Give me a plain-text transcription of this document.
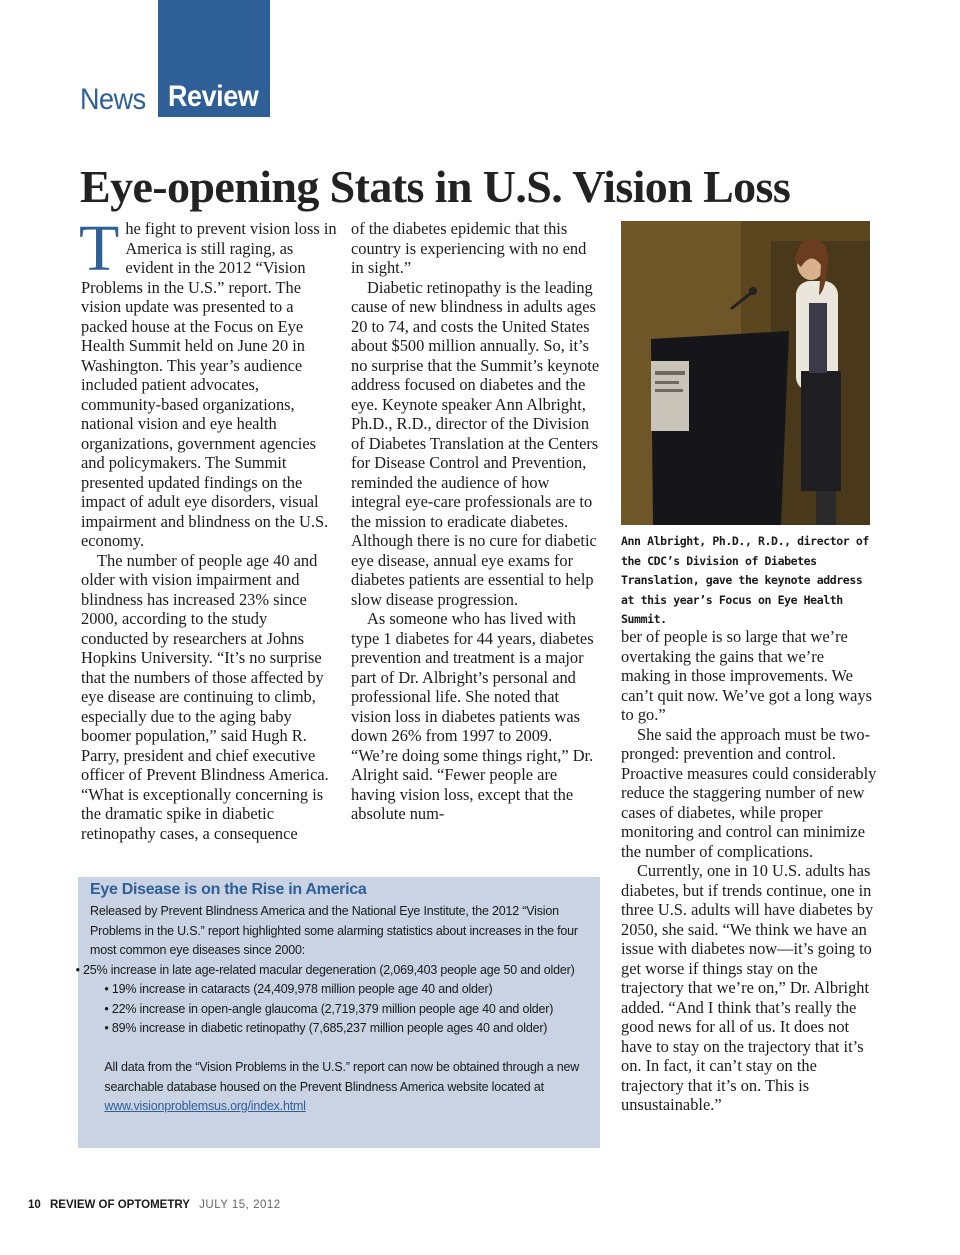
News Review
Eye-opening Stats in U.S. Vision Loss

The fight to prevent vision loss in America is still raging, as evident in the 2012 “Vision Problems in the U.S.” report. The vision update was presented to a packed house at the Focus on Eye Health Summit held on June 20 in Washington. This year’s audience included patient advocates, community-based organizations, national vision and eye health organizations, government agencies and policymakers. The Summit presented updated findings on the impact of adult eye disorders, visual impairment and blindness on the U.S. economy.

The number of people age 40 and older with vision impairment and blindness has increased 23% since 2000, according to the study conducted by researchers at Johns Hopkins University. “It’s no surprise that the numbers of those affected by eye disease are continuing to climb, especially due to the aging baby boomer population,” said Hugh R. Parry, president and chief executive officer of Prevent Blindness America. “What is exceptionally concerning is the dramatic spike in diabetic retinopathy cases, a consequence

of the diabetes epidemic that this country is experiencing with no end in sight.”

Diabetic retinopathy is the leading cause of new blindness in adults ages 20 to 74, and costs the United States about $500 million annually. So, it’s no surprise that the Summit’s keynote address focused on diabetes and the eye. Keynote speaker Ann Albright, Ph.D., R.D., director of the Division of Diabetes Translation at the Centers for Disease Control and Prevention, reminded the audience of how integral eye-care professionals are to the mission to eradicate diabetes. Although there is no cure for diabetic eye disease, annual eye exams for diabetes patients are essential to help slow disease progression.

As someone who has lived with type 1 diabetes for 44 years, diabetes prevention and treatment is a major part of Dr. Albright’s personal and professional life. She noted that vision loss in diabetes patients was down 26% from 1997 to 2009. “We’re doing some things right,” Dr. Alright said. “Fewer people are having vision loss, except that the absolute num-

Ann Albright, Ph.D., R.D., director of the CDC’s Division of Diabetes Translation, gave the keynote address at this year’s Focus on Eye Health Summit.

ber of people is so large that we’re overtaking the gains that we’re making in those improvements. We can’t quit now. We’ve got a long ways to go.”

She said the approach must be two-pronged: prevention and control. Proactive measures could considerably reduce the staggering number of new cases of diabetes, while proper monitoring and control can minimize the number of complications.

Currently, one in 10 U.S. adults has diabetes, but if trends continue, one in three U.S. adults will have diabetes by 2050, she said. “We think we have an issue with diabetes now—it’s going to get worse if things stay on the trajectory that we’re on,” Dr. Albright added. “And I think that’s really the good news for all of us. It does not have to stay on the trajectory that it’s on. In fact, it can’t stay on the trajectory that it’s on. This is unsustainable.”

Eye Disease is on the Rise in America
Released by Prevent Blindness America and the National Eye Institute, the 2012 “Vision Problems in the U.S.” report highlighted some alarming statistics about increases in the four most common eye diseases since 2000:
• 25% increase in late age-related macular degeneration (2,069,403 people age 50 and older)
• 19% increase in cataracts (24,409,978 million people age 40 and older)
• 22% increase in open-angle glaucoma (2,719,379 million people age 40 and older)
• 89% increase in diabetic retinopathy (7,685,237 million people ages 40 and older)
All data from the “Vision Problems in the U.S.” report can now be obtained through a new searchable database housed on the Prevent Blindness America website located at www.visionproblemsus.org/index.html
10 REVIEW OF OPTOMETRY JULY 15, 2012
